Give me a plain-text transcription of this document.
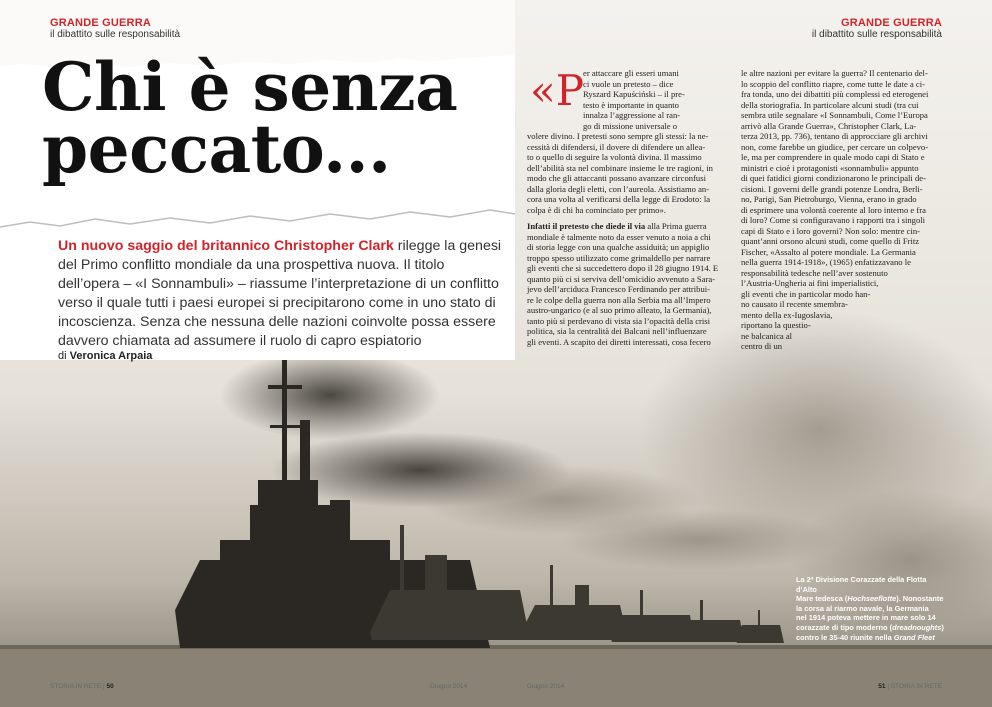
GRANDE GUERRA
il dibattito sulle responsabilità
GRANDE GUERRA
il dibattito sulle responsabilità
Chi è senza
peccato...
Un nuovo saggio del britannico Christopher Clark rilegge la genesi del Primo conflitto mondiale da una prospettiva nuova. Il titolo dell’opera – «I Sonnambuli» – riassume l’interpretazione di un conflitto verso il quale tutti i paesi europei si precipitarono come in uno stato di incoscienza. Senza che nessuna delle nazioni coinvolte possa essere davvero chiamata ad assumere il ruolo di capro espiatorio
di Veronica Arpaia
«P er attaccare gli esseri umani
ci vuole un pretesto – dice
Ryszard Kapuściński – il pre-
testo è importante in quanto
innalza l’aggressione al ran-
go di missione universale o
volere divino. I pretesti sono sempre gli stessi: la ne-
cessità di difendersi, il dovere di difendere un allea-
to o quello di seguire la volontà divina. Il massimo
dell’abilità sta nel combinare insieme le tre ragioni, in
modo che gli attaccanti possano avanzare circonfusi
dalla gloria degli eletti, con l’aureola. Assistiamo an-
cora una volta al verificarsi della legge di Erodoto: la
colpa è di chi ha cominciato per primo».
Infatti il pretesto che diede il via alla Prima guerra
mondiale è talmente noto da esser venuto a noia a chi
di storia legge con una qualche assiduità; un appiglio
troppo spesso utilizzato come grimaldello per narrare
gli eventi che si succedettero dopo il 28 giugno 1914. E
quanto più ci si serviva dell’omicidio avvenuto a Sara-
jevo dell’arciduca Francesco Ferdinando per attribui-
re le colpe della guerra non alla Serbia ma all’Impero
austro-ungarico (e al suo primo alleato, la Germania),
tanto più si perdevano di vista sia l’opacità della crisi
politica, sia la centralità dei Balcani nell’influenzare
gli eventi. A scapito dei diretti interessati, cosa fecero
le altre nazioni per evitare la guerra? Il centenario del-
lo scoppio del conflitto riapre, come tutte le date a ci-
fra tonda, uno dei dibattiti più complessi ed eterogenei
della storiografia. In particolare alcuni studi (tra cui
sembra utile segnalare «I Sonnambuli, Come l’Europa
arrivò alla Grande Guerra», Christopher Clark, La-
terza 2013, pp. 736), tentano di approcciare gli archivi
non, come farebbe un giudice, per cercare un colpevo-
le, ma per comprendere in quale modo capi di Stato e
ministri e cioè i protagonisti «sonnambuli» appunto
di quei fatidici giorni condizionarono le principali de-
cisioni. I governi delle grandi potenze Londra, Berli-
no, Parigi, San Pietroburgo, Vienna, erano in grado
di esprimere una volontà coerente al loro interno e fra
di loro? Come si configuravano i rapporti tra i singoli
capi di Stato e i loro governi? Non solo: mentre cin-
quant’anni orsono alcuni studi, come quello di Fritz
Fischer, «Assalto al potere mondiale. La Germania
nella guerra 1914-1918», (1965) enfatizzavano le
responsabilità tedesche nell’aver sostenuto
l’Austria-Ungheria ai fini imperialistici,
gli eventi che in particolar modo han-
no causato il recente smembra-
mento della ex-Iugoslavia,
riportano la questio-
ne balcanica al
centro di un
La 2ª Divisione Corazzate della Flotta d’Alto
Mare tedesca (Hochseeflotte). Nonostante
la corsa al riarmo navale, la Germania
nel 1914 poteva mettere in mare solo 14
corazzate di tipo moderno (dreadnoughts)
contro le 35-40 riunite nella Grand Fleet
STORIA IN RETE | 50	Giugno 2014	Giugno 2014	51 | STORIA IN RETE
